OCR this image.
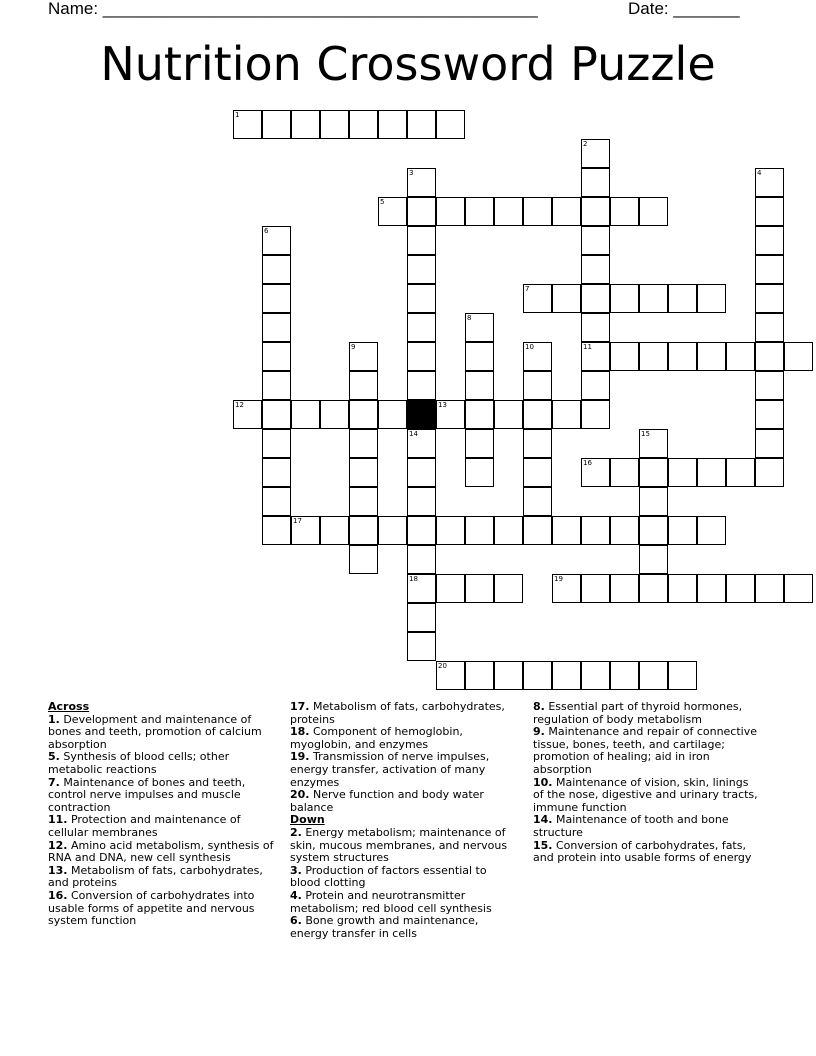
Name: ______________________________________________	Date: _______
Nutrition Crossword Puzzle
1
2
11
3
14
4
5
6
7
8
9	10
12	13
18
15
16
17
19
20
Across
1. Development and maintenance of bones and teeth, promotion of calcium absorption
5. Synthesis of blood cells; other metabolic reactions
7. Maintenance of bones and teeth, control nerve impulses and muscle contraction
11. Protection and maintenance of cellular membranes
12. Amino acid metabolism, synthesis of RNA and DNA, new cell synthesis
13. Metabolism of fats, carbohydrates, and proteins
16. Conversion of carbohydrates into usable forms of appetite and nervous system function
17. Metabolism of fats, carbohydrates, proteins
18. Component of hemoglobin, myoglobin, and enzymes
19. Transmission of nerve impulses, energy transfer, activation of many enzymes
20. Nerve function and body water balance
Down
2. Energy metabolism; maintenance of skin, mucous membranes, and nervous system structures
3. Production of factors essential to blood clotting
4. Protein and neurotransmitter metabolism; red blood cell synthesis
6. Bone growth and maintenance, energy transfer in cells
8. Essential part of thyroid hormones, regulation of body metabolism
9. Maintenance and repair of connective tissue, bones, teeth, and cartilage; promotion of healing; aid in iron absorption
10. Maintenance of vision, skin, linings of the nose, digestive and urinary tracts, immune function
14. Maintenance of tooth and bone structure
15. Conversion of carbohydrates, fats, and protein into usable forms of energy
